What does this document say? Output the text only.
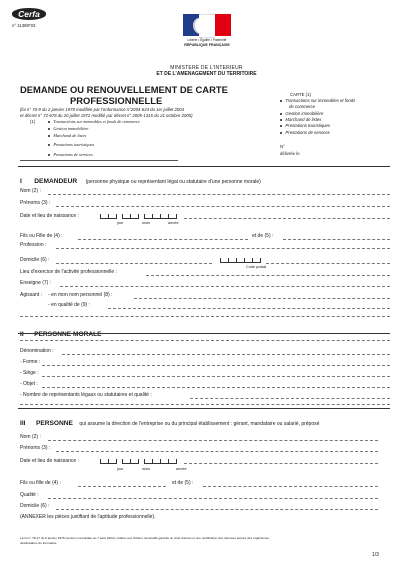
Cerfa
n° 11389*03
Liberté • Égalité • Fraternité
RÉPUBLIQUE FRANÇAISE
MINISTERE DE L'INTERIEUR
ET DE L'AMENAGEMENT DU TERRITOIRE
DEMANDE OU RENOUVELLEMENT DE CARTE
PROFESSIONNELLE
(loi n° 70-9 du 2 janvier 1970 modifiée par l'ordonnance n°2004-634 du 1er juillet 2004
et décret n° 72-678 du 20 juillet 1972 modifié par décret n° 2005-1315 du 21 octobre 2005)
(1)	Transactions sur immeubles et fonds de commerce
Gestion immobilière
Marchand de listes
Prestations touristiques
Prestations de services
CARTE (1)
Transactions sur immeubles et fonds
de commerce
Gestion immobilière
Marchand de listes
Prestations touristiques
Prestations de services
N°
délivrée le
I DEMANDEUR (personne physique ou représentant légal ou statutaire d'une personne morale)
Nom (2) :
Prénoms (3) :
Date et lieu de naissance :
jour	mois	année
Fils ou Fille de (4) :	et de (5) :
Profession :
Domicile (6) :
Code postal
Lieu d'exercice de l'activité professionnelle :
Enseigne (7) :
Agissant : - en mon nom personnel (8) :
- en qualité de (9) :
II PERSONNE MORALE
Dénomination :
- Forme :
- Siège :
- Objet :
- Nombre de représentants légaux ou statutaires et qualité :
III PERSONNE qui assume la direction de l'entreprise ou du principal établissement : gérant, mandataire ou salarié, préposé
Nom (2) :
Prénoms (3) :
Date et lieu de naissance :
jour	mois	année
Fils ou fille de (4) :	et de (5) :
Qualité :
Domicile (6) :
(ANNEXER les pièces justifiant de l'aptitude professionnelle).
La loi n° 78-17 du 6 janvier 1978 (version consolidée au 7 août 2004), relative aux fichiers nominatifs garantit un droit d'accès et une rectification des données auprès des organismes
destinataires du formulaire
1/3
